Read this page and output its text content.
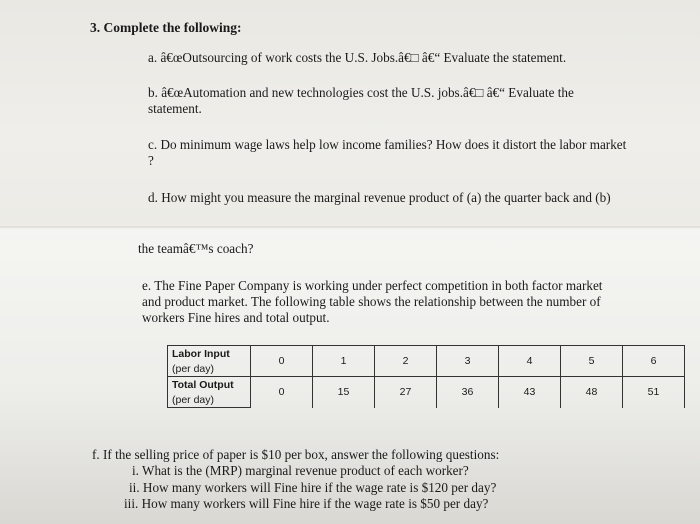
3. Complete the following:
a. â€œOutsourcing of work costs the U.S. Jobs.â€□ â€“ Evaluate the statement.
b. â€œAutomation and new technologies cost the U.S. jobs.â€□ â€“ Evaluate the
statement.
c. Do minimum wage laws help low income families? How does it distort the labor market
?
d. How might you measure the marginal revenue product of (a) the quarter back and (b)
the teamâ€™s coach?
e. The Fine Paper Company is working under perfect competition in both factor market
and product market. The following table shows the relationship between the number of
workers Fine hires and total output.
Labor Input	0	1	2	3	4	5	6
(per day)							
Total Output	0	15	27	36	43	48	51
(per day)							
f. If the selling price of paper is $10 per box, answer the following questions:
i. What is the (MRP) marginal revenue product of each worker?
ii. How many workers will Fine hire if the wage rate is $120 per day?
iii. How many workers will Fine hire if the wage rate is $50 per day?
